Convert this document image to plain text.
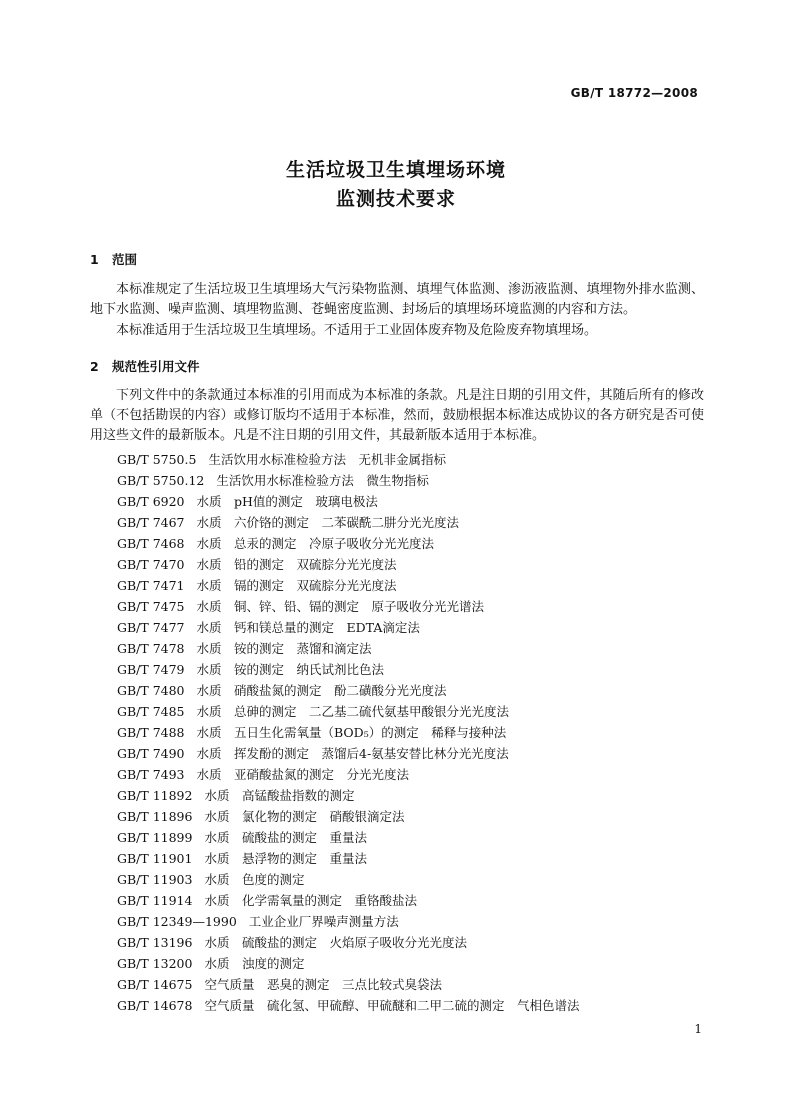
GB/T 18772—2008
生活垃圾卫生填埋场环境
监测技术要求
1 范围

本标准规定了生活垃圾卫生填埋场大气污染物监测、填埋气体监测、渗沥液监测、填埋物外排水监测、地下水监测、噪声监测、填埋物监测、苍蝇密度监测、封场后的填埋场环境监测的内容和方法。

本标准适用于生活垃圾卫生填埋场。不适用于工业固体废弃物及危险废弃物填埋场。

2 规范性引用文件

下列文件中的条款通过本标准的引用而成为本标准的条款。凡是注日期的引用文件，其随后所有的修改单（不包括勘误的内容）或修订版均不适用于本标准，然而，鼓励根据本标准达成协议的各方研究是否可使用这些文件的最新版本。凡是不注日期的引用文件，其最新版本适用于本标准。

GB/T 5750.5 生活饮用水标准检验方法　无机非金属指标
GB/T 5750.12 生活饮用水标准检验方法　微生物指标
GB/T 6920 水质　pH值的测定　玻璃电极法
GB/T 7467 水质　六价铬的测定　二苯碳酰二肼分光光度法
GB/T 7468 水质　总汞的测定　冷原子吸收分光光度法
GB/T 7470 水质　铅的测定　双硫腙分光光度法
GB/T 7471 水质　镉的测定　双硫腙分光光度法
GB/T 7475 水质　铜、锌、铅、镉的测定　原子吸收分光光谱法
GB/T 7477 水质　钙和镁总量的测定　EDTA滴定法
GB/T 7478 水质　铵的测定　蒸馏和滴定法
GB/T 7479 水质　铵的测定　纳氏试剂比色法
GB/T 7480 水质　硝酸盐氮的测定　酚二磺酸分光光度法
GB/T 7485 水质　总砷的测定　二乙基二硫代氨基甲酸银分光光度法
GB/T 7488 水质　五日生化需氧量（BOD₅）的测定　稀释与接种法
GB/T 7490 水质　挥发酚的测定　蒸馏后4-氨基安替比林分光光度法
GB/T 7493 水质　亚硝酸盐氮的测定　分光光度法
GB/T 11892 水质　高锰酸盐指数的测定
GB/T 11896 水质　氯化物的测定　硝酸银滴定法
GB/T 11899 水质　硫酸盐的测定　重量法
GB/T 11901 水质　悬浮物的测定　重量法
GB/T 11903 水质　色度的测定
GB/T 11914 水质　化学需氧量的测定　重铬酸盐法
GB/T 12349—1990 工业企业厂界噪声测量方法
GB/T 13196 水质　硫酸盐的测定　火焰原子吸收分光光度法
GB/T 13200 水质　浊度的测定
GB/T 14675 空气质量　恶臭的测定　三点比较式臭袋法
GB/T 14678 空气质量　硫化氢、甲硫醇、甲硫醚和二甲二硫的测定　气相色谱法
1
